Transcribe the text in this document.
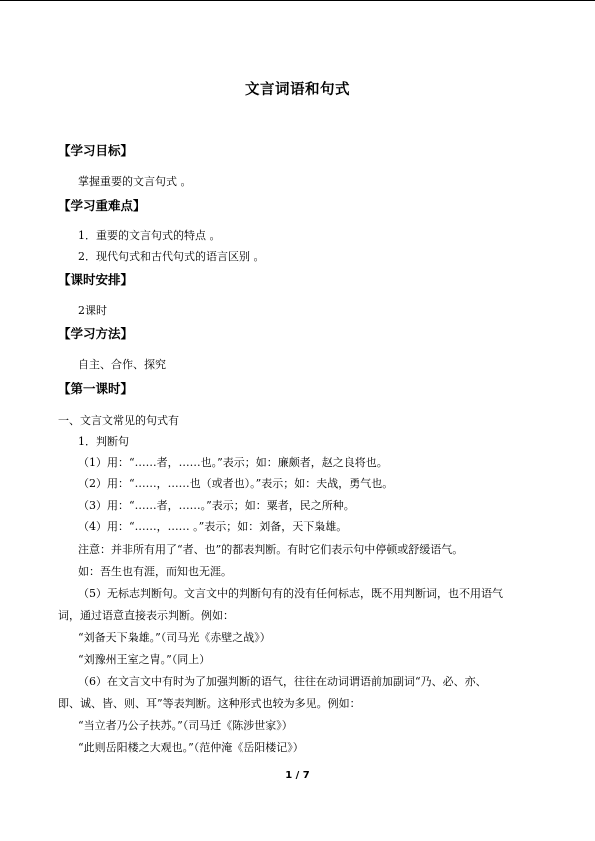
文言词语和句式
【学习目标】
掌握重要的文言句式 。
【学习重难点】
1．重要的文言句式的特点 。
2．现代句式和古代句式的语言区别 。
【课时安排】
2课时
【学习方法】
自主、合作、探究
【第一课时】
一、文言文常见的句式有
1．判断句
（1）用：“……者，……也。”表示；如：廉颇者，赵之良将也。
（2）用：“……，……也（或者也）。”表示；如：夫战，勇气也。
（3）用：“……者，……。”表示；如：粟者，民之所种。
（4）用：“……，…… 。”表示；如：刘备，天下枭雄。
注意：并非所有用了“者、也”的都表判断。有时它们表示句中停顿或舒缓语气。
如：吾生也有涯，而知也无涯。
（5）无标志判断句。文言文中的判断句有的没有任何标志，既不用判断词，也不用语气
词，通过语意直接表示判断。例如：
“刘备天下枭雄。”（司马光《赤壁之战》）
“刘豫州王室之胄。”（同上）
（6）在文言文中有时为了加强判断的语气，往往在动词谓语前加副词“乃、必、亦、
即、诚、皆、则、耳”等表判断。这种形式也较为多见。例如：
“当立者乃公子扶苏。”（司马迁《陈涉世家》）
“此则岳阳楼之大观也。”（范仲淹《岳阳楼记》）
1 / 7
